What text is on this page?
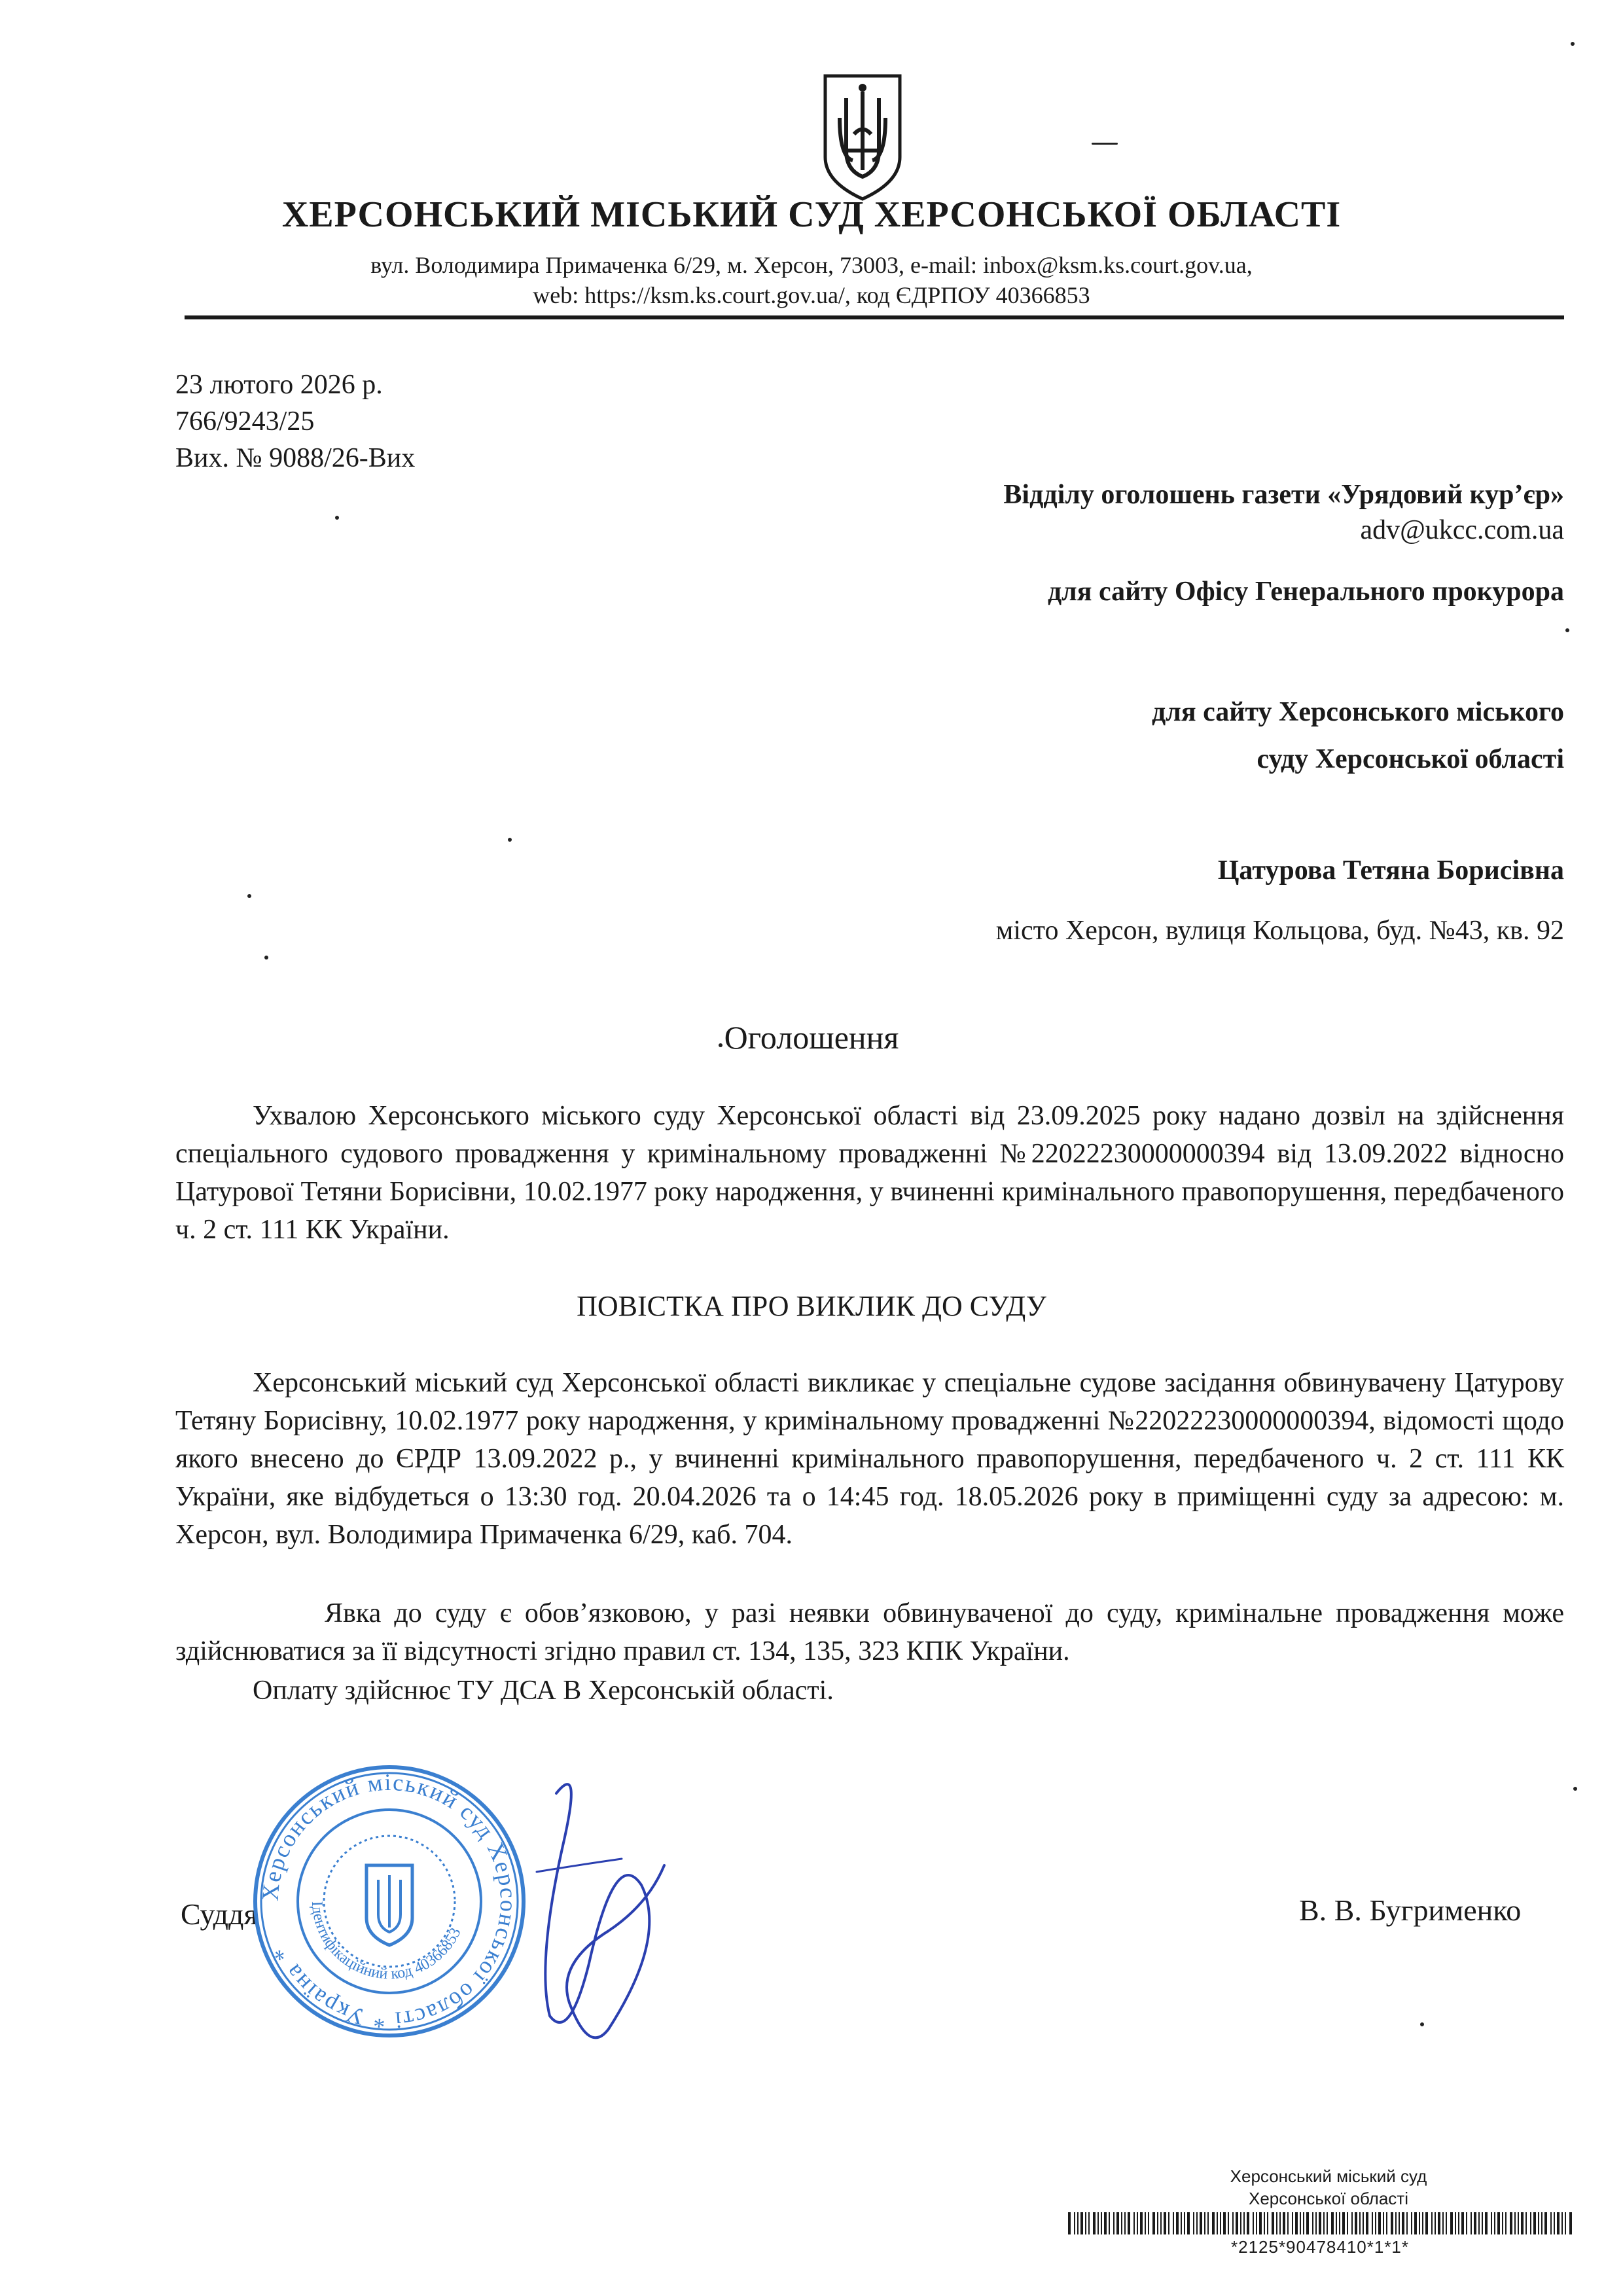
ХЕРСОНСЬКИЙ МІСЬКИЙ СУД ХЕРСОНСЬКОЇ ОБЛАСТІ
вул. Володимира Примаченка 6/29, м. Херсон, 73003, e-mail: inbox@ksm.ks.court.gov.ua,
web: https://ksm.ks.court.gov.ua/, код ЄДРПОУ 40366853
23 лютого 2026 р.
766/9243/25
Вих. № 9088/26-Вих
Відділу оголошень газети «Урядовий кур’єр»
adv@ukcc.com.ua
для сайту Офісу Генерального прокурора
для сайту Херсонського міського
суду Херсонської області
Цатурова Тетяна Борисівна
місто Херсон, вулиця Кольцова, буд. №43, кв. 92
Оголошення
Ухвалою Херсонського міського суду Херсонської області від 23.09.2025 року надано дозвіл на здійснення спеціального судового провадження у кримінальному провадженні №22022230000000394 від 13.09.2022 відносно Цатурової Тетяни Борисівни, 10.02.1977 року народження, у вчиненні кримінального правопорушення, передбаченого ч. 2 ст. 111 КК України.
ПОВІСТКА ПРО ВИКЛИК ДО СУДУ
Херсонський міський суд Херсонської області викликає у спеціальне судове засідання обвинувачену Цатурову Тетяну Борисівну, 10.02.1977 року народження, у кримінальному провадженні №22022230000000394, відомості щодо якого внесено до ЄРДР 13.09.2022 р., у вчиненні кримінального правопорушення, передбаченого ч. 2 ст. 111 КК України, яке відбудеться о 13:30 год. 20.04.2026 та о 14:45 год. 18.05.2026 року в приміщенні суду за адресою: м. Херсон, вул. Володимира Примаченка 6/29, каб. 704.
Явка до суду є обов’язковою, у разі неявки обвинуваченої до суду, кримінальне провадження може здійснюватися за її відсутності згідно правил ст. 134, 135, 323 КПК України.
Оплату здійснює ТУ ДСА В Херсонській області.
Суддя	В. В. Бугрименко
Херсонський міський суд Херсонської області * Україна *
Ідентифікаційний код 40366853
Херсонський міський суд
Херсонської області
*2125*90478410*1*1*
